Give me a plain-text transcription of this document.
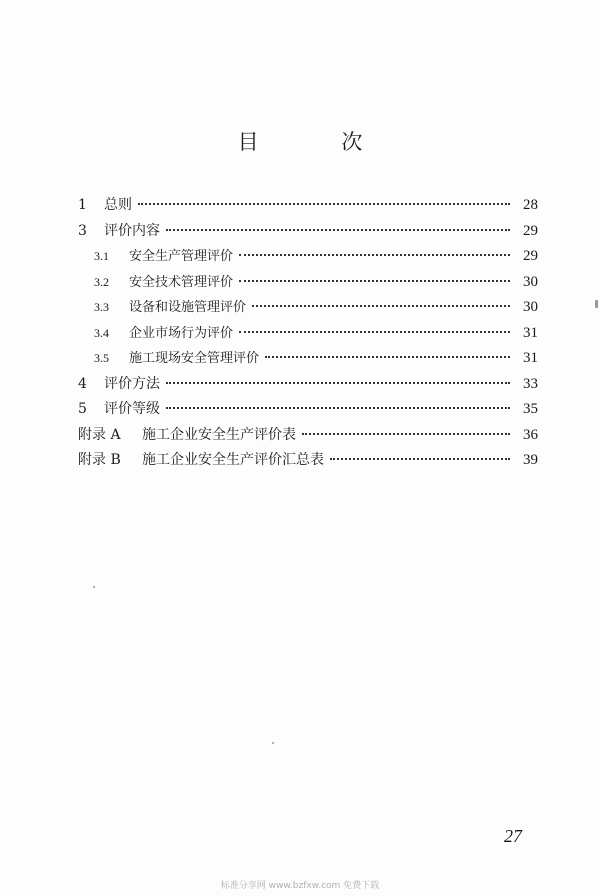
目 次
1	总则	28
3	评价内容	29
3.1	安全生产管理评价	29
3.2	安全技术管理评价	30
3.3	设备和设施管理评价	30
3.4	企业市场行为评价	31
3.5	施工现场安全管理评价	31
4	评价方法	33
5	评价等级	35
附录 A	施工企业安全生产评价表	36
附录 B	施工企业安全生产评价汇总表	39
27
标准分享网 www.bzfxw.com 免费下载
